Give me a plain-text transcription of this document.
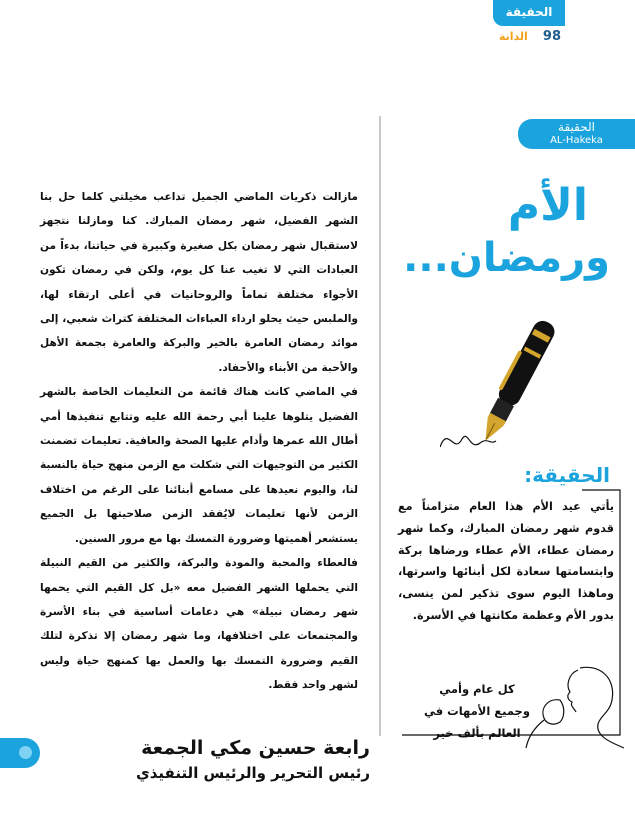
الحقيقة
الدانة 98

مازالت ذكريات الماضي الجميل تداعب مخيلتي كلما حل بنا الشهر الفضيل، شهر رمضان المبارك. كنا ومازلنا نتجهز لاستقبال شهر رمضان بكل صغيرة وكبيرة في حياتنا، بدءاً من العبادات التي لا تغيب عنا كل يوم، ولكن في رمضان تكون الأجواء مختلفة تماماً والروحانيات في أعلى ارتقاء لها، والملبس حيث يحلو ارداء العباءات المختلفة كتراث شعبي، إلى موائد رمضان العامرة بالخير والبركة والعامرة بجمعة الأهل والأحبة من الأبناء والأحفاد.

في الماضي كانت هناك قائمة من التعليمات الخاصة بالشهر الفضيل يتلوها علينا أبي رحمة الله عليه وتتابع تنفيذها أمي أطال الله عمرها وأدام عليها الصحة والعافية. تعليمات تضمنت الكثير من التوجيهات التي شكلت مع الزمن منهج حياة بالنسبة لنا، واليوم نعيدها على مسامع أبنائنا على الرغم من اختلاف الزمن لأنها تعليمات لايُفقد الزمن صلاحيتها بل الجميع يستشعر أهميتها وضرورة التمسك بها مع مرور السنين.

فالعطاء والمحبة والمودة والبركة، والكثير من القيم النبيلة التي يحملها الشهر الفضيل معه «بل كل القيم التي يحمها شهر رمضان نبيلة» هي دعامات أساسية في بناء الأسرة والمجتمعات على اختلافها، وما شهر رمضان إلا تذكرة لتلك القيم وضرورة التمسك بها والعمل بها كمنهج حياة وليس لشهر واحد فقط.

رابعة حسين مكي الجمعة
رئيس التحرير والرئيس التنفيذي
الحقيقة
AL-Hakeka
الأم
ورمضان...
الحقيقة:
يأتي عيد الأم هذا العام متزامناً مع قدوم شهر رمضان المبارك، وكما شهر رمضان عطاء، الأم عطاء ورضاها بركة وابتسامتها سعادة لكل أبنائها واسرتها، وماهذا اليوم سوى تذكير لمن ينسى، بدور الأم وعظمة مكانتها في الأسرة.
كل عام وأمي
وجميع الأمهات في
العالم بألف خير
